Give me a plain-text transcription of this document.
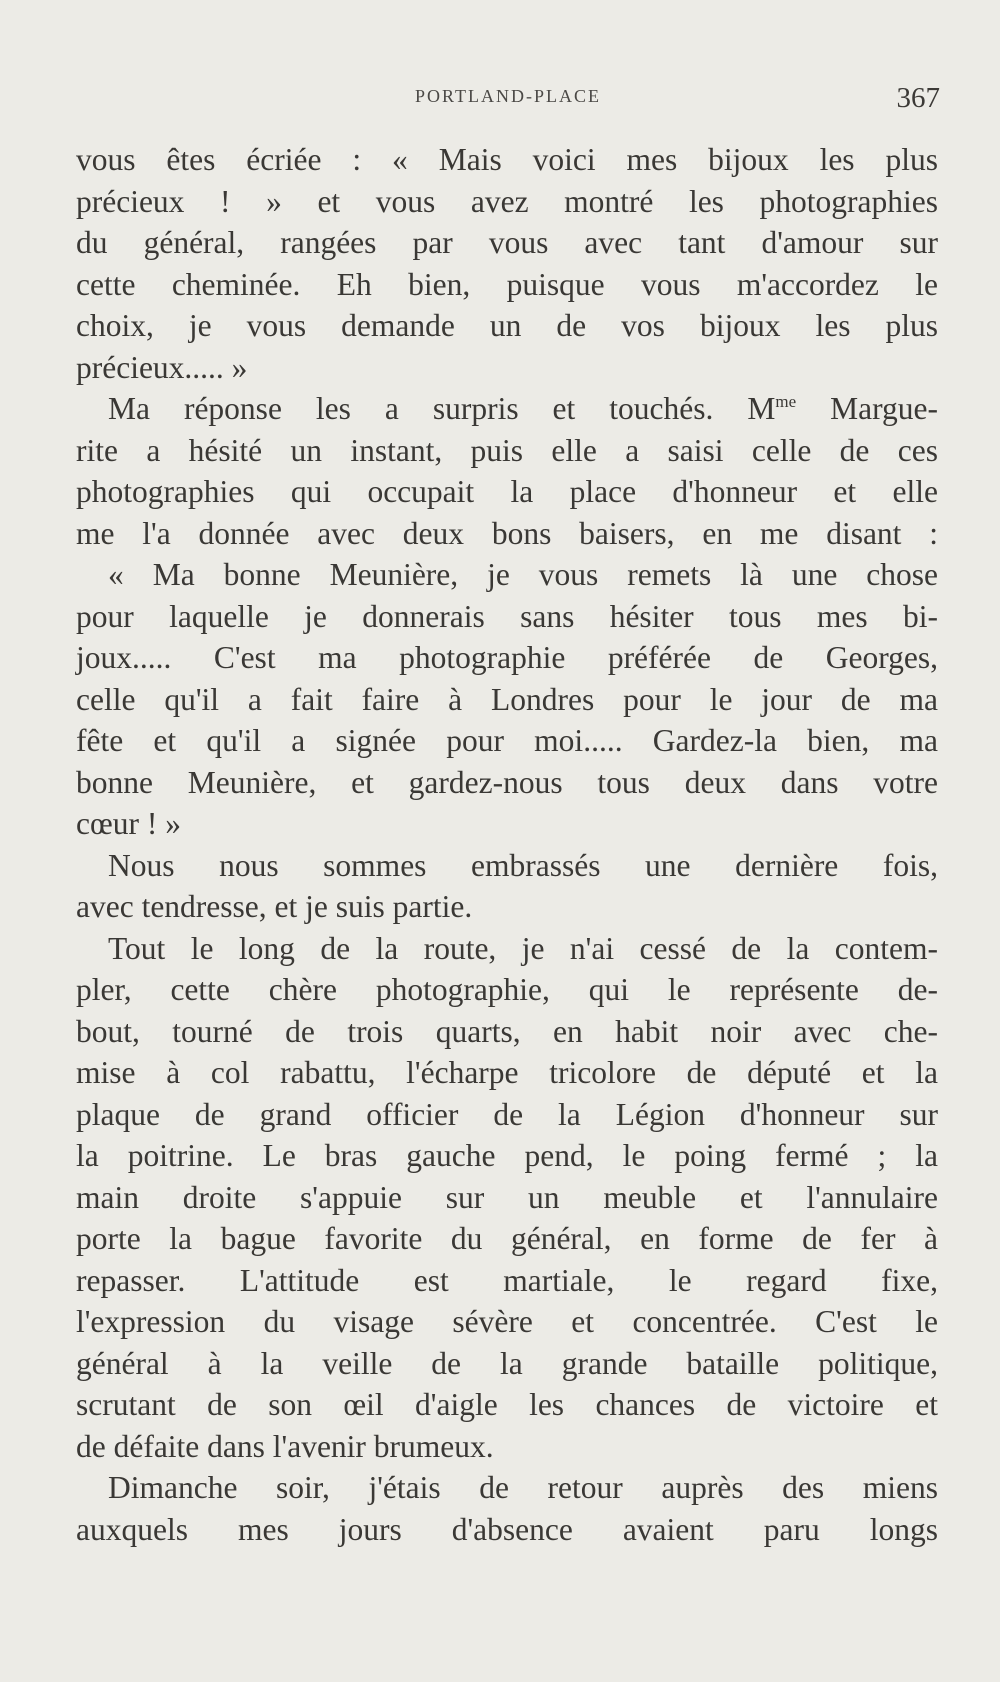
PORTLAND-PLACE	367
vous êtes écriée : « Mais voici mes bijoux les plus
précieux ! » et vous avez montré les photographies
du général, rangées par vous avec tant d'amour sur
cette cheminée. Eh bien, puisque vous m'accordez le
choix, je vous demande un de vos bijoux les plus
précieux..... »
Ma réponse les a surpris et touchés. $M^{me}$ Margue-
rite a hésité un instant, puis elle a saisi celle de ces
photographies qui occupait la place d'honneur et elle
me l'a donnée avec deux bons baisers, en me disant :
« Ma bonne Meunière, je vous remets là une chose
pour laquelle je donnerais sans hésiter tous mes bi-
joux..... C'est ma photographie préférée de Georges,
celle qu'il a fait faire à Londres pour le jour de ma
fête et qu'il a signée pour moi..... Gardez-la bien, ma
bonne Meunière, et gardez-nous tous deux dans votre
cœur ! »
Nous nous sommes embrassés une dernière fois,
avec tendresse, et je suis partie.
Tout le long de la route, je n'ai cessé de la contem-
pler, cette chère photographie, qui le représente de-
bout, tourné de trois quarts, en habit noir avec che-
mise à col rabattu, l'écharpe tricolore de député et la
plaque de grand officier de la Légion d'honneur sur
la poitrine. Le bras gauche pend, le poing fermé ; la
main droite s'appuie sur un meuble et l'annulaire
porte la bague favorite du général, en forme de fer à
repasser. L'attitude est martiale, le regard fixe,
l'expression du visage sévère et concentrée. C'est le
général à la veille de la grande bataille politique,
scrutant de son œil d'aigle les chances de victoire et
de défaite dans l'avenir brumeux.
Dimanche soir, j'étais de retour auprès des miens
auxquels mes jours d'absence avaient paru longs
